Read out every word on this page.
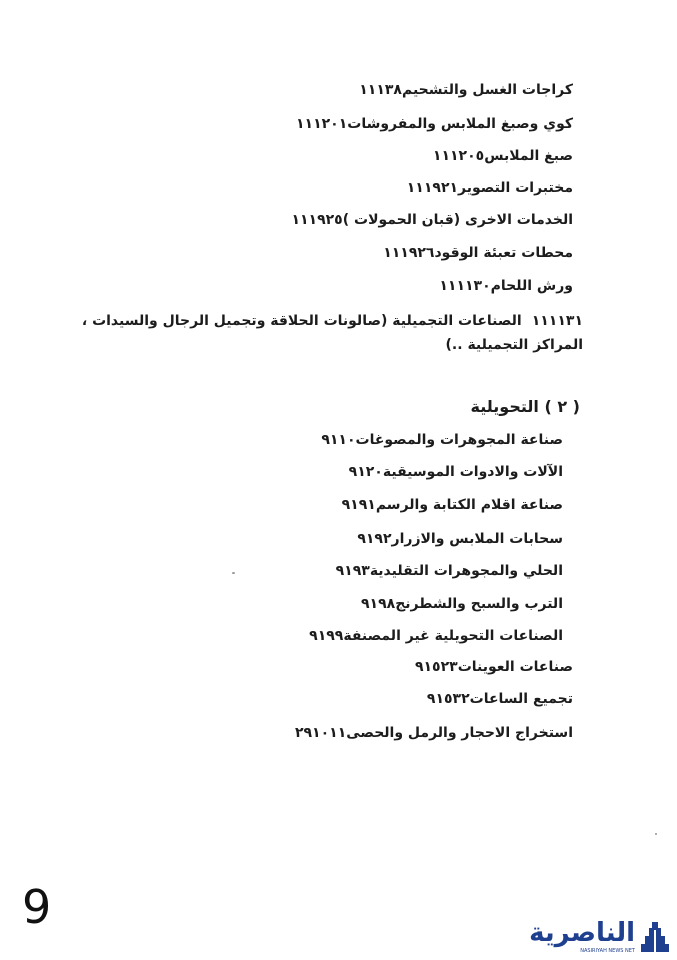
١١١٣٨كراجات الغسل والتشحيم
١١١٢٠١كوي وصبغ الملابس والمفروشات
١١١٢٠٥صبغ الملابس
١١١٩٢١مختبرات التصوير
١١١٩٢٥الخدمات الاخرى (قبان الحمولات )
١١١٩٢٦محطات تعبئة الوقود
١١١١٣٠ورش اللحام
١١١١٣١الصناعات التجميلية (صالونات الحلاقة وتجميل الرجال والسيدات ، المراكز التجميلية ..)
( ٢ ) التحويلية
٩١١٠صناعة المجوهرات والمصوغات
٩١٢٠الآلات والادوات الموسيقية
٩١٩١صناعة اقلام الكتابة والرسم
٩١٩٢سحابات الملابس والازرار
٩١٩٣الحلي والمجوهرات التقليدية
٩١٩٨الترب والسبح والشطرنج
٩١٩٩الصناعات التحويلية غير المصنفة
٩١٥٢٣صناعات العوينات
٩١٥٣٢تجميع الساعات
٢٩١٠١١استخراج الاحجار والرمل والحصى
9	الناصرية
NASIRIYAH NEWS NET
